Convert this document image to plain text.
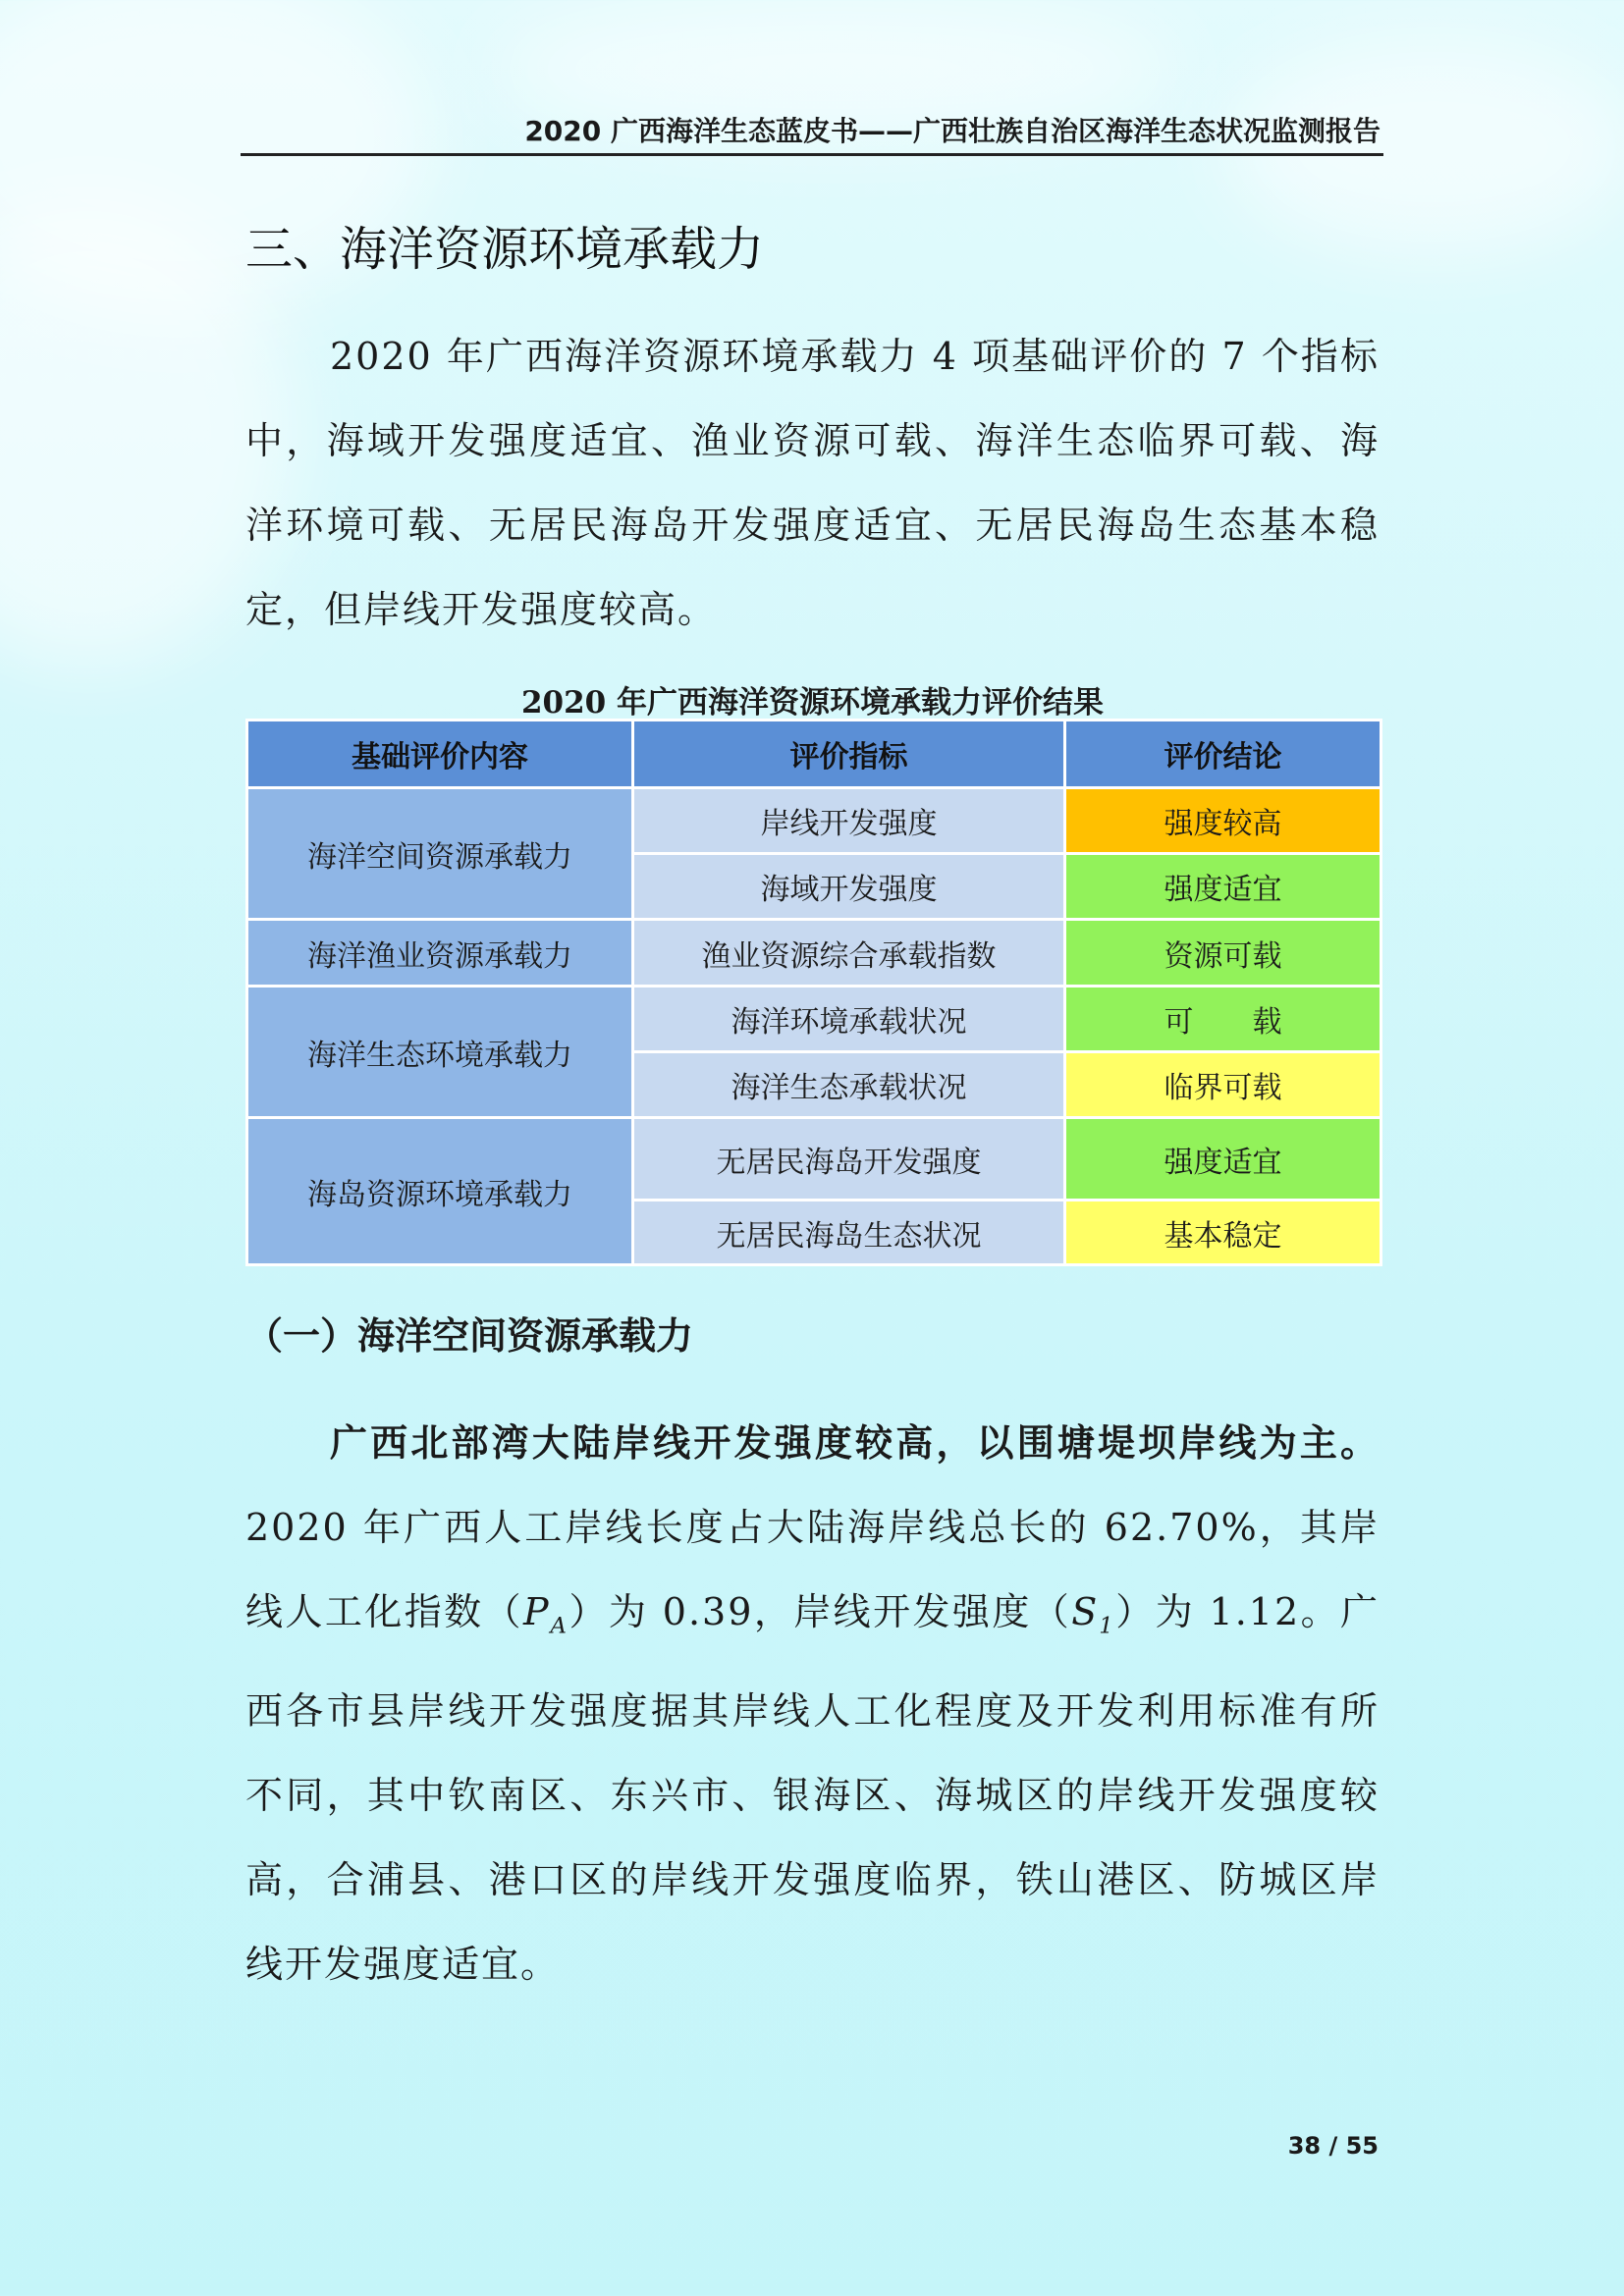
2020 广西海洋生态蓝皮书——广西壮族自治区海洋生态状况监测报告
三、海洋资源环境承载力

2020 年广西海洋资源环境承载力 4 项基础评价的 7 个指标中，海域开发强度适宜、渔业资源可载、海洋生态临界可载、海洋环境可载、无居民海岛开发强度适宜、无居民海岛生态基本稳定，但岸线开发强度较高。

2020 年广西海洋资源环境承载力评价结果
基础评价内容	评价指标	评价结论
海洋空间资源承载力	岸线开发强度	强度较高
	海域开发强度	强度适宜
海洋渔业资源承载力	渔业资源综合承载指数	资源可载
海洋生态环境承载力	海洋环境承载状况	可　　载
	海洋生态承载状况	临界可载
海岛资源环境承载力	无居民海岛开发强度	强度适宜
	无居民海岛生态状况	基本稳定
（一）海洋空间资源承载力

广西北部湾大陆岸线开发强度较高，以围塘堤坝岸线为主。2020 年广西人工岸线长度占大陆海岸线总长的 62.70%，其岸线人工化指数$(P_A)$为 0.39，岸线开发强度$(S_1)$为 1.12。广西各市县岸线开发强度据其岸线人工化程度及开发利用标准有所不同，其中钦南区、东兴市、银海区、海城区的岸线开发强度较高，合浦县、港口区的岸线开发强度临界，铁山港区、防城区岸线开发强度适宜。

38 / 55
